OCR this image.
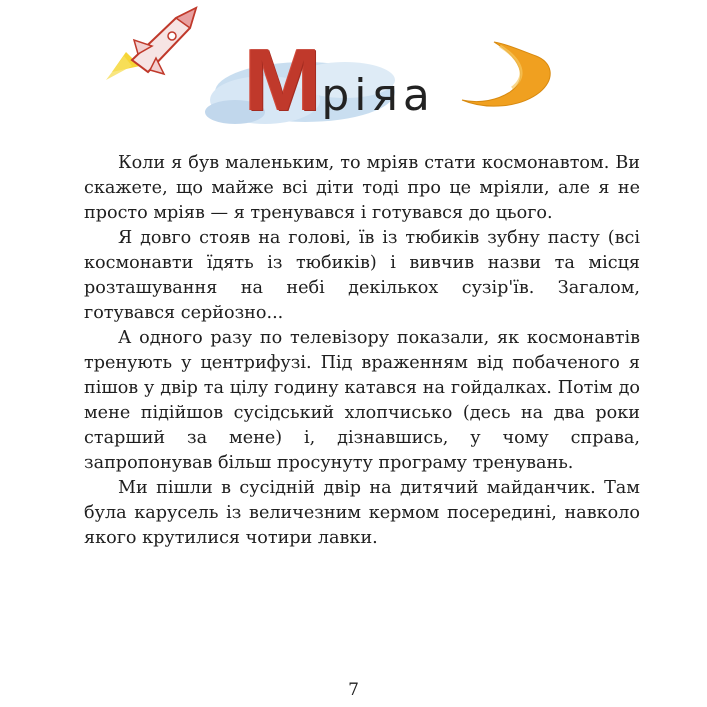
Мріяа

Коли я був маленьким, то мріяв стати космонавтом. Ви скажете, що майже всі діти тоді про це мріяли, але я не просто мріяв — я тренувався і готувався до цього.

Я довго стояв на голові, їв із тюбиків зубну пасту (всі космонавти їдять із тюбиків) і вивчив назви та місця розташування на небі декількох сузір'їв. Загалом, готувався серйозно...

А одного разу по телевізору показали, як космонавтів тренують у центрифузі. Під враженням від побаченого я пішов у двір та цілу годину катався на гойдалках. Потім до мене підійшов сусідський хлопчисько (десь на два роки старший за мене) і, дізнавшись, у чому справа, запропонував більш просунуту програму тренувань.

Ми пішли в сусідній двір на дитячий майданчик. Там була карусель із величезним кермом посередині, навколо якого крутилися чотири лавки.

7
